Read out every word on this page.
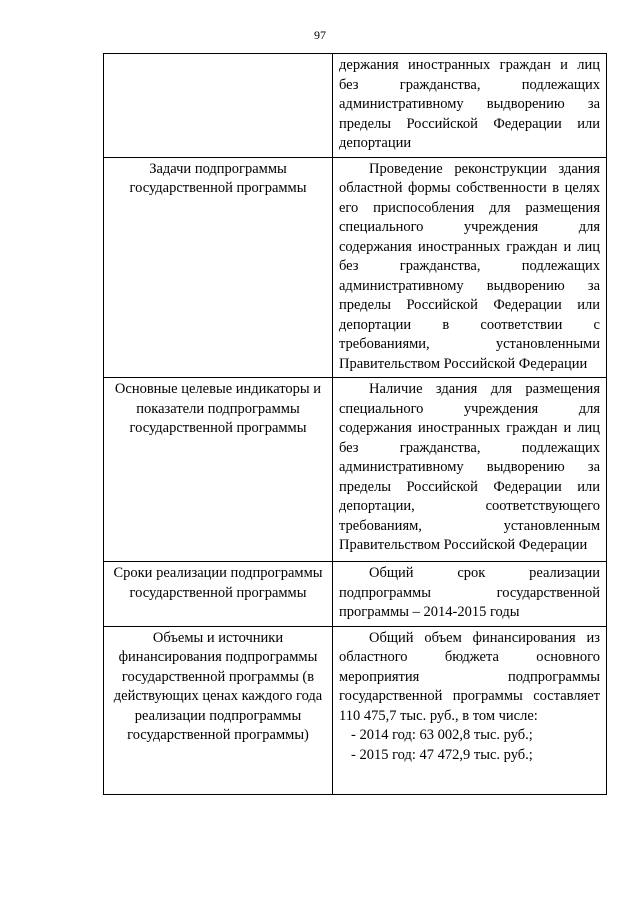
97

	держания иностранных граждан и лиц без гражданства, подлежащих административному выдворению за пределы Российской Федерации или депортации

Задачи подпрограммы государственной программы	Проведение реконструкции здания областной формы собственности в целях его приспособления для размещения специального учреждения для содержания иностранных граждан и лиц без гражданства, подлежащих административному выдворению за пределы Российской Федерации или депортации в соответствии с требованиями, установленными Правительством Российской Федерации

Основные целевые индикаторы и показатели подпрограммы государственной программы	Наличие здания для размещения специального учреждения для содержания иностранных граждан и лиц без гражданства, подлежащих административному выдворению за пределы Российской Федерации или депортации, соответствующего требованиям, установленным Правительством Российской Федерации

Сроки реализации подпрограммы государственной программы	Общий срок реализации подпрограммы государственной программы – 2014-2015 годы

Объемы и источники финансирования подпрограммы государственной программы (в действующих ценах каждого года реализации подпрограммы государственной программы)	Общий объем финансирования из областного бюджета основного мероприятия подпрограммы государственной программы составляет 110 475,7 тыс. руб., в том числе:

- 2014 год: 63 002,8 тыс. руб.;

- 2015 год: 47 472,9 тыс. руб.;
